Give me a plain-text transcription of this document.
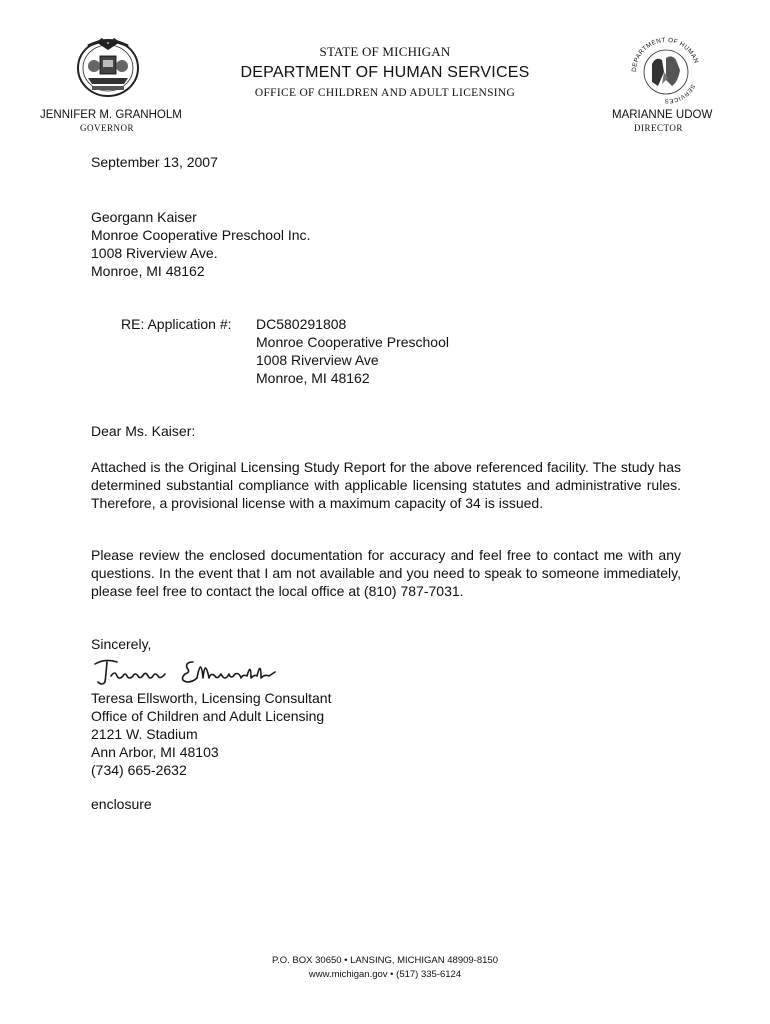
DEPARTMENT OF HUMAN
SERVICES
STATE OF MICHIGAN
DEPARTMENT OF HUMAN SERVICES
OFFICE OF CHILDREN AND ADULT LICENSING
JENNIFER M. GRANHOLM
GOVERNOR
MARIANNE UDOW
DIRECTOR
September 13, 2007
Georgann Kaiser
Monroe Cooperative Preschool Inc.
1008 Riverview Ave.
Monroe, MI 48162
RE: Application #: DC580291808
Monroe Cooperative Preschool
1008 Riverview Ave
Monroe, MI 48162
Dear Ms. Kaiser:
Attached is the Original Licensing Study Report for the above referenced facility. The study has determined substantial compliance with applicable licensing statutes and administrative rules. Therefore, a provisional license with a maximum capacity of 34 is issued.
Please review the enclosed documentation for accuracy and feel free to contact me with any questions. In the event that I am not available and you need to speak to someone immediately, please feel free to contact the local office at (810) 787-7031.
Sincerely,
Teresa Ellsworth, Licensing Consultant
Office of Children and Adult Licensing
2121 W. Stadium
Ann Arbor, MI 48103
(734) 665-2632
enclosure
P.O. BOX 30650 • LANSING, MICHIGAN 48909-8150
www.michigan.gov • (517) 335-6124
